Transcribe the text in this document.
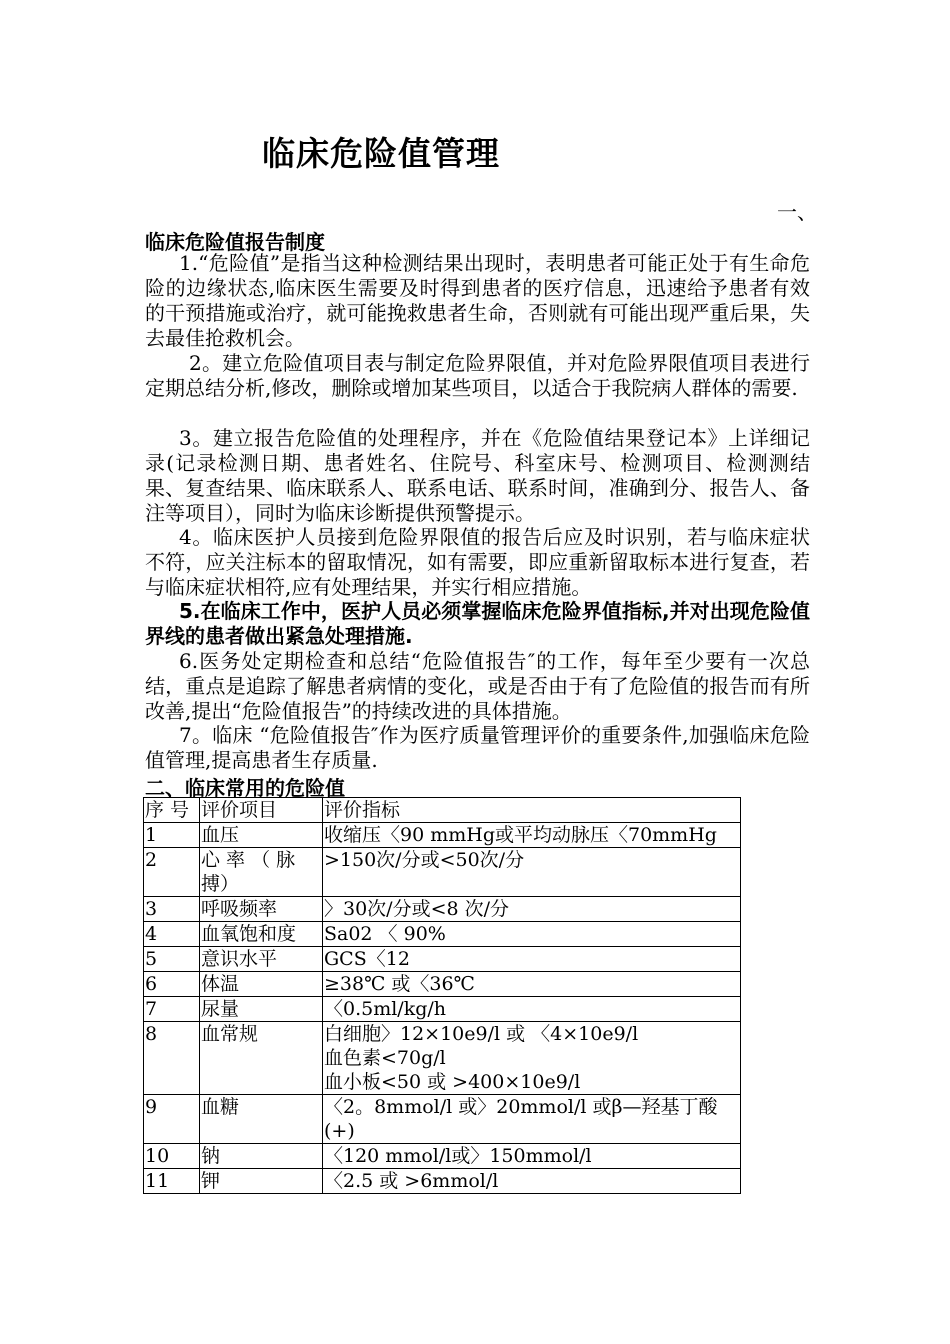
临床危险值管理
一、
临床危险值报告制度
1.“危险值”是指当这种检测结果出现时，表明患者可能正处于有生命危险的边缘状态,临床医生需要及时得到患者的医疗信息，迅速给予患者有效的干预措施或治疗，就可能挽救患者生命，否则就有可能出现严重后果，失去最佳抢救机会。
2。建立危险值项目表与制定危险界限值，并对危险界限值项目表进行定期总结分析,修改，删除或增加某些项目，以适合于我院病人群体的需要.
3。建立报告危险值的处理程序，并在《危险值结果登记本》上详细记录(记录检测日期、患者姓名、住院号、科室床号、检测项目、检测测结果、复查结果、临床联系人、联系电话、联系时间，准确到分、报告人、备注等项目），同时为临床诊断提供预警提示。
4。临床医护人员接到危险界限值的报告后应及时识别，若与临床症状不符，应关注标本的留取情况，如有需要，即应重新留取标本进行复查，若与临床症状相符,应有处理结果，并实行相应措施。
5.在临床工作中，医护人员必须掌握临床危险界值指标,并对出现危险值界线的患者做出紧急处理措施.
6.医务处定期检查和总结“危险值报告″的工作，每年至少要有一次总结，重点是追踪了解患者病情的变化，或是否由于有了危险值的报告而有所改善,提出“危险值报告”的持续改进的具体措施。
7。临床 “危险值报告″作为医疗质量管理评价的重要条件,加强临床危险值管理,提高患者生存质量.
二、临床常用的危险值
序 号	评价项目	评价指标
1	血压	收缩压〈90 mmHg或平均动脉压〈70mmHg
2	心 率 （ 脉搏）	>150次/分或<50次/分
3	呼吸频率	〉30次/分或<8 次/分
4	血氧饱和度	Sa02 〈 90%
5	意识水平	GCS〈12
6	体温	≥38℃ 或〈36℃
7	尿量	〈0.5ml/kg/h
8	血常规	白细胞〉12×10e9/l 或 〈4×10e9/l
血色素<70g/l
血小板<50 或 >400×10e9/l
9	血糖	〈2。8mmol/l 或〉20mmol/l 或β—羟基丁酸 (+)
10	钠	〈120 mmol/l或〉150mmol/l
11	钾	〈2.5 或 >6mmol/l
